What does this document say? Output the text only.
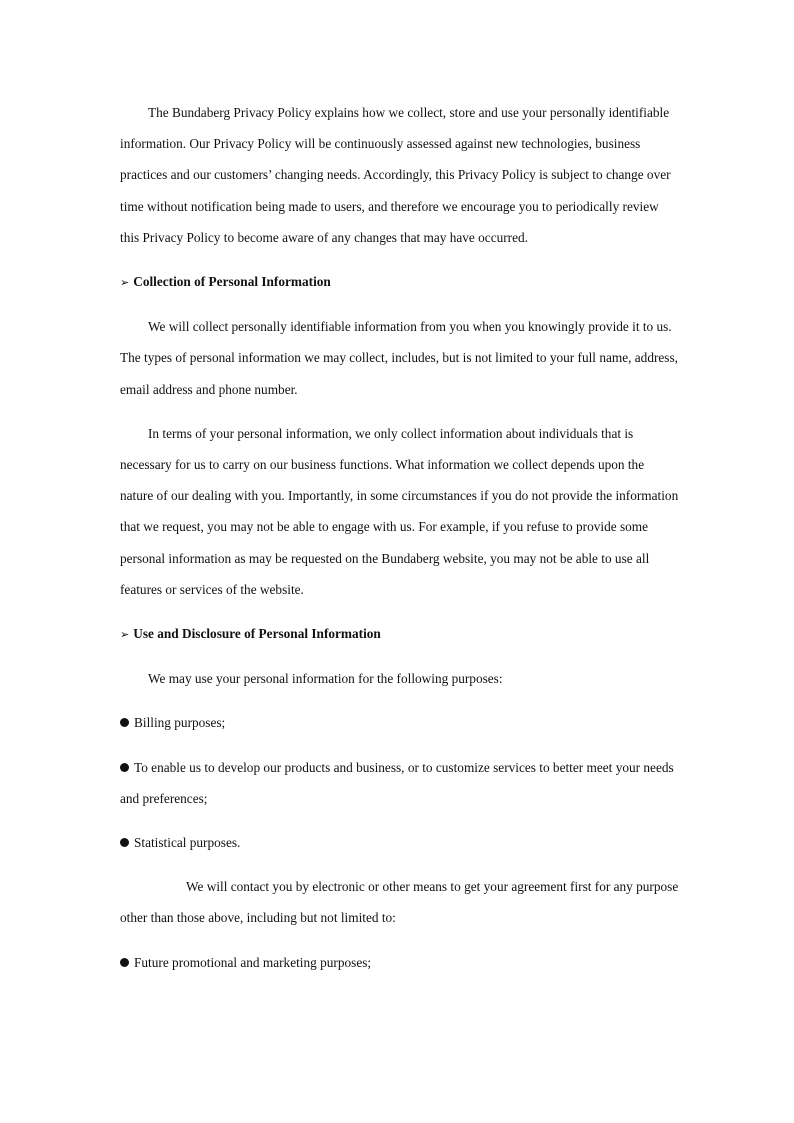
The Bundaberg Privacy Policy explains how we collect, store and use your personally identifiable information. Our Privacy Policy will be continuously assessed against new technologies, business practices and our customers’ changing needs. Accordingly, this Privacy Policy is subject to change over time without notification being made to users, and therefore we encourage you to periodically review this Privacy Policy to become aware of any changes that may have occurred.

➢ Collection of Personal Information

We will collect personally identifiable information from you when you knowingly provide it to us. The types of personal information we may collect, includes, but is not limited to your full name, address, email address and phone number.

In terms of your personal information, we only collect information about individuals that is necessary for us to carry on our business functions. What information we collect depends upon the nature of our dealing with you. Importantly, in some circumstances if you do not provide the information that we request, you may not be able to engage with us. For example, if you refuse to provide some personal information as may be requested on the Bundaberg website, you may not be able to use all features or services of the website.

➢ Use and Disclosure of Personal Information

We may use your personal information for the following purposes:

Billing purposes;
To enable us to develop our products and business, or to customize services to better meet your needs and preferences;
Statistical purposes.

We will contact you by electronic or other means to get your agreement first for any purpose other than those above, including but not limited to:

Future promotional and marketing purposes;
